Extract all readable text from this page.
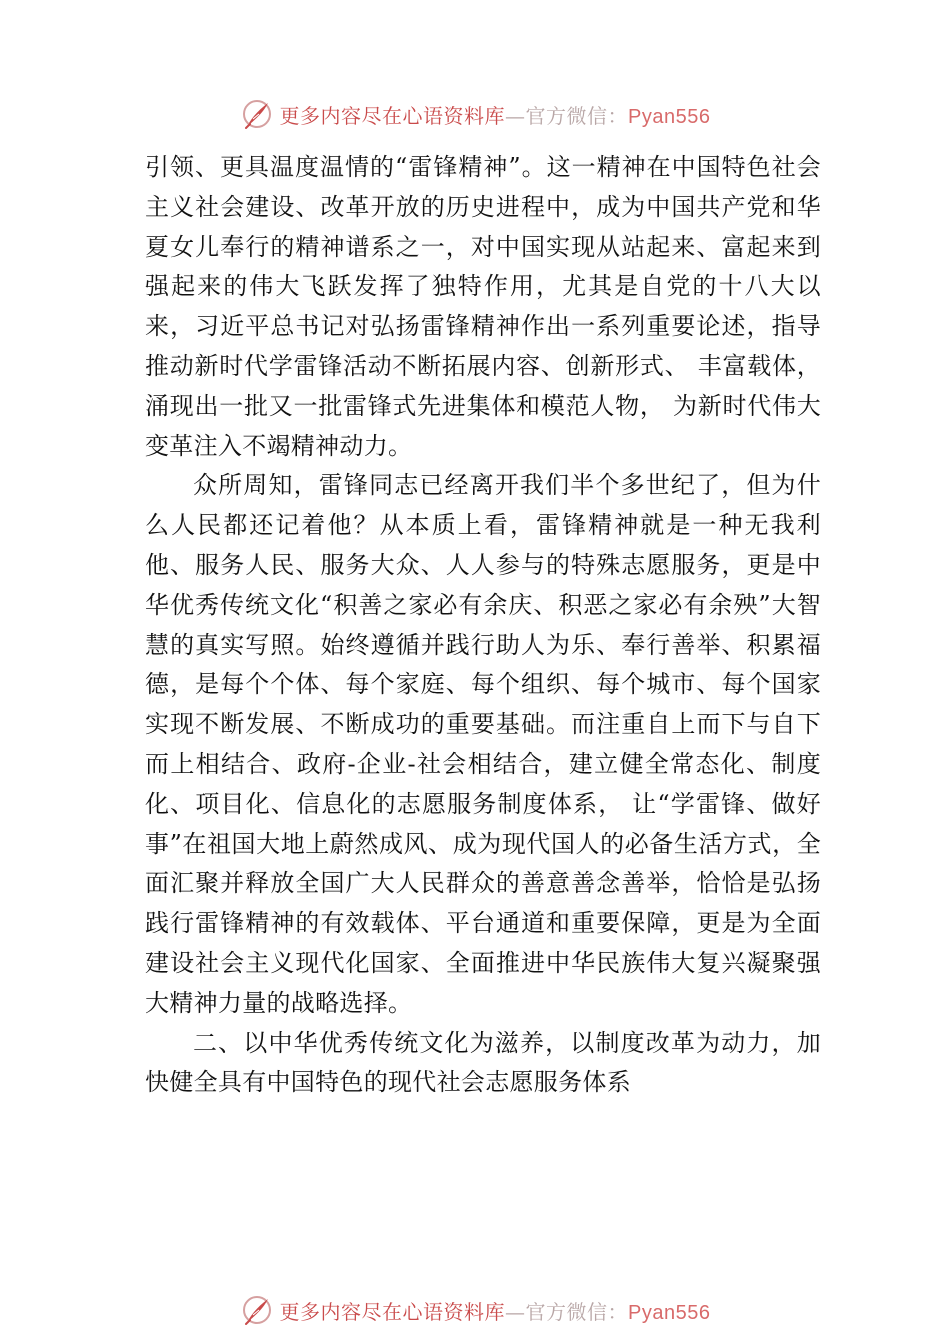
更多内容尽在心语资料库—官方微信：Pyan556

引领、更具温度温情的“雷锋精神”。这一精神在中国特色社会主义社会建设、改革开放的历史进程中，成为中国共产党和华夏女儿奉行的精神谱系之一，对中国实现从站起来、富起来到强起来的伟大飞跃发挥了独特作用，尤其是自党的十八大以来，习近平总书记对弘扬雷锋精神作出一系列重要论述，指导推动新时代学雷锋活动不断拓展内容、创新形式、 丰富载体，涌现出一批又一批雷锋式先进集体和模范人物， 为新时代伟大变革注入不竭精神动力。

众所周知，雷锋同志已经离开我们半个多世纪了，但为什么人民都还记着他？从本质上看，雷锋精神就是一种无我利他、服务人民、服务大众、人人参与的特殊志愿服务，更是中华优秀传统文化“积善之家必有余庆、积恶之家必有余殃”大智慧的真实写照。始终遵循并践行助人为乐、奉行善举、积累福德，是每个个体、每个家庭、每个组织、每个城市、每个国家实现不断发展、不断成功的重要基础。而注重自上而下与自下而上相结合、政府-企业-社会相结合，建立健全常态化、制度化、项目化、信息化的志愿服务制度体系， 让“学雷锋、做好事”在祖国大地上蔚然成风、成为现代国人的必备生活方式，全面汇聚并释放全国广大人民群众的善意善念善举，恰恰是弘扬践行雷锋精神的有效载体、平台通道和重要保障，更是为全面建设社会主义现代化国家、全面推进中华民族伟大复兴凝聚强大精神力量的战略选择。

二、以中华优秀传统文化为滋养，以制度改革为动力，加快健全具有中国特色的现代社会志愿服务体系

更多内容尽在心语资料库—官方微信：Pyan556
